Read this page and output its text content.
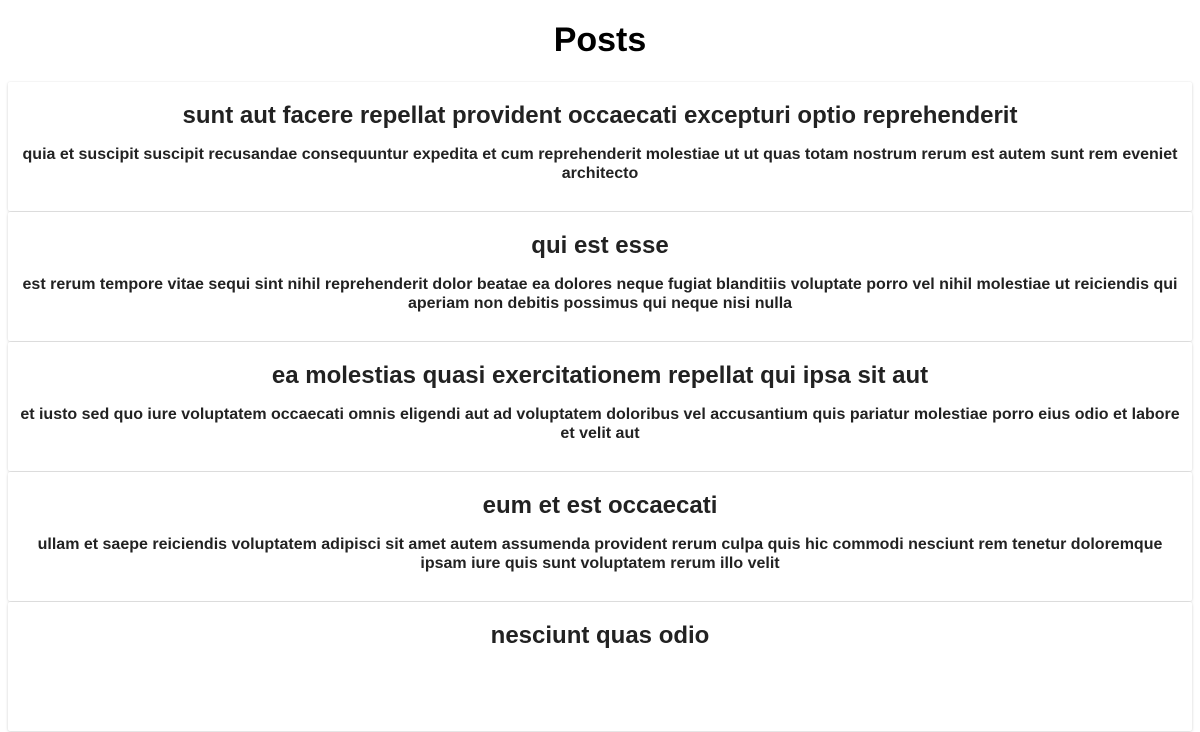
Posts
sunt aut facere repellat provident occaecati excepturi optio reprehenderit

quia et suscipit suscipit recusandae consequuntur expedita et cum reprehenderit molestiae ut ut quas totam nostrum rerum est autem sunt rem eveniet architecto

qui est esse

est rerum tempore vitae sequi sint nihil reprehenderit dolor beatae ea dolores neque fugiat blanditiis voluptate porro vel nihil molestiae ut reiciendis qui aperiam non debitis possimus qui neque nisi nulla

ea molestias quasi exercitationem repellat qui ipsa sit aut

et iusto sed quo iure voluptatem occaecati omnis eligendi aut ad voluptatem doloribus vel accusantium quis pariatur molestiae porro eius odio et labore et velit aut

eum et est occaecati

ullam et saepe reiciendis voluptatem adipisci sit amet autem assumenda provident rerum culpa quis hic commodi nesciunt rem tenetur doloremque ipsam iure quis sunt voluptatem rerum illo velit

nesciunt quas odio
